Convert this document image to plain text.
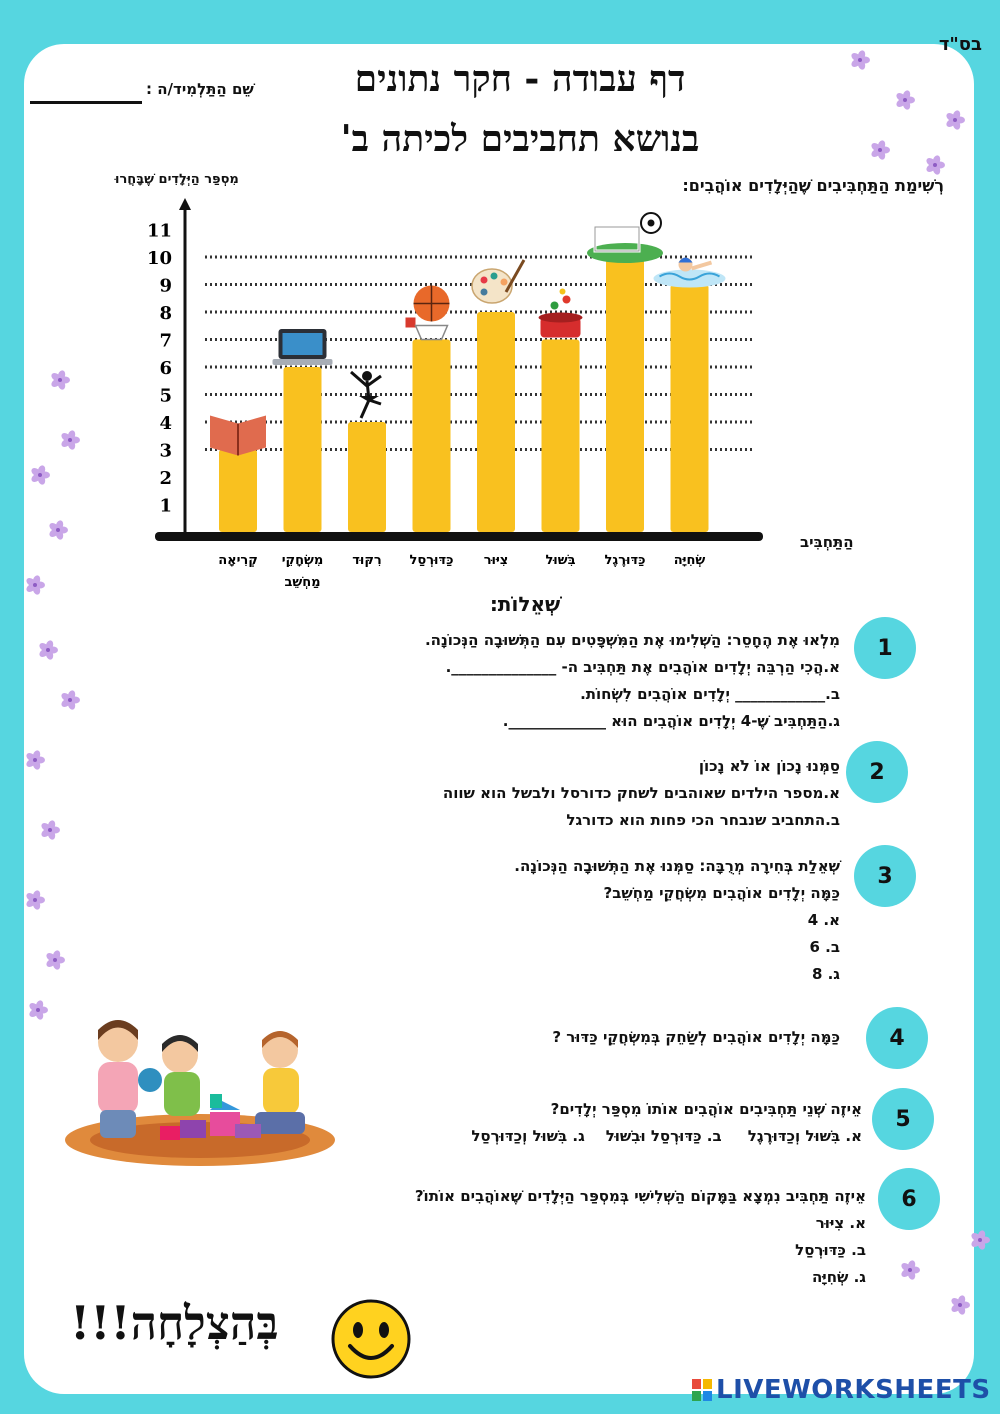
בס"ד
דף עבודה - חקר נתונים
בנושא תחביבים לכיתה ב'
שֵׁם הַתַּלְמִיד/ה :
רְשִׁימַת הַתַּחְבִּיבִים שֶׁהַיְּלָדִים אוֹהֲבִים:
מִסְפַּר הַיְּלָדִים שֶׁבָּחֲרוּ
הַתַּחְבִּיב
1
2
3
4
5
6
7
8
9
10
11
קְרִיאָה מִשְׂחָקֵי מַחְשֵׁב
רִקּוּד כַּדּוּרְסַל צִיּוּר	בִּשּׁוּל כַּדּוּרֶגֶל שְׂחִיָּה
שְׁאֵלוֹת:
1
מִלְאוּ אֶת הֶחָסֵר: הַשְׁלִימוּ אֶת הַמִּשְׁפָּטִים עִם הַתְּשׁוּבָה הַנְּכוֹנָה.
א.הֲכִי הַרְבֵּה יְלָדִים אוֹהֲבִים אֶת תַּחְבִּיב ה- ______________.
ב.____________ יְלָדִים אוֹהֲבִים לִשְׂחוֹת.
ג.הַתַּחְבִּיב שֶׁ-4 יְלָדִים אוֹהֲבִים הוּא _____________.
2
סַמְּנוּ נָכוֹן אוֹ לֹא נָכוֹן
א.מספר הילדים שאוהבים לשחק כדורסל ולבשל הוא שווה
ב.התחביב שנבחר הכי פחות הוא כדורגל
3
שְׁאֵלַת בְּחִירָה מְרֻבָּה: סַמְּנוּ אֶת הַתְּשׁוּבָה הַנְּכוֹנָה.
כַּמָּה יְלָדִים אוֹהֲבִים מִשְׂחֲקֵי מַחְשֵׁב?
א. 4
ב. 6
ג. 8
4
כַּמָּה יְלָדִים אוֹהֲבִים לְשַׂחֵק בְּמִשְׂחֲקֵי כַּדּוּר ?
5
אֵיזֶה שְׁנֵי תַּחְבִּיבִים אוֹהֲבִים אוֹתוֹ מִסְפַּר יְלָדִים?
א. בִּשּׁוּל וְכַדּוּרֶגֶל     ב. כַּדּוּרְסַל וּבִשּׁוּל    ג. בִּשּׁוּל וְכַדּוּרְסַל
6
אֵיזֶה תַּחְבִּיב נִמְצָא בַּמָּקוֹם הַשְּׁלִישִׁי בְּמִסְפַּר הַיְּלָדִים שֶׁאוֹהֲבִים אוֹתוֹ?
א. צִיּוּר
ב. כַּדּוּרְסַל
ג. שְׂחִיָּה
בְּהַצְלָחָה!!!
LIVEWORKSHEETS
